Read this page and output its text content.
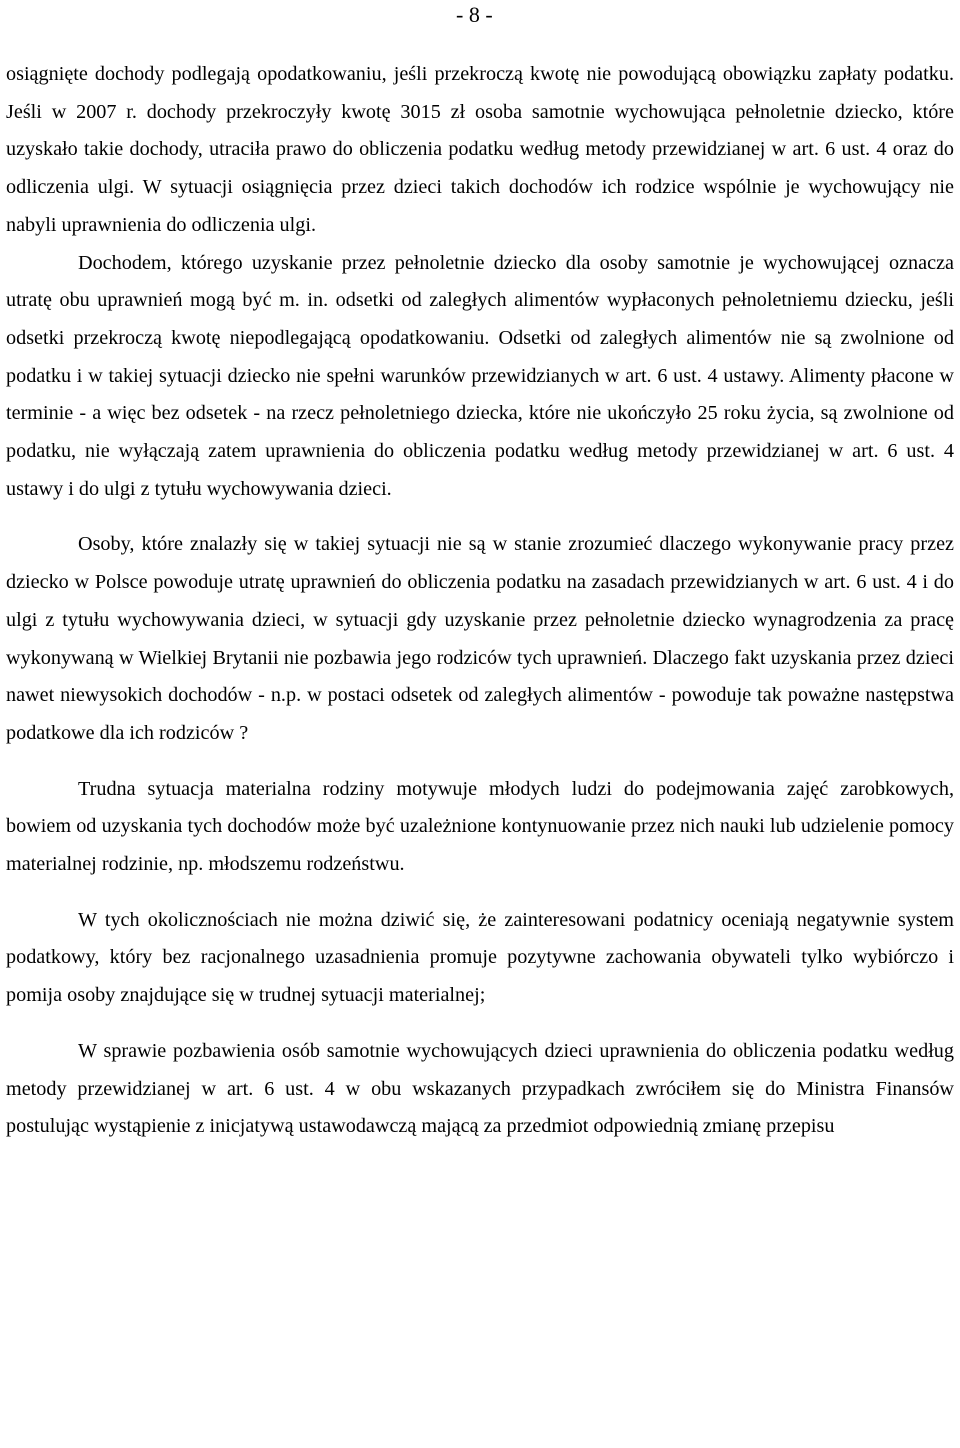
- 8 -

osiągnięte dochody podlegają opodatkowaniu, jeśli przekroczą kwotę nie powodującą obowiązku zapłaty podatku. Jeśli w 2007 r. dochody przekroczyły kwotę 3015 zł osoba samotnie wychowująca pełnoletnie dziecko, które uzyskało takie dochody, utraciła prawo do obliczenia podatku według metody przewidzianej w art. 6 ust. 4 oraz do odliczenia ulgi. W sytuacji osiągnięcia przez dzieci takich dochodów ich rodzice wspólnie je wychowujący nie nabyli uprawnienia do odliczenia ulgi.

Dochodem, którego uzyskanie przez pełnoletnie dziecko dla osoby samotnie je wychowującej oznacza utratę obu uprawnień mogą być m. in. odsetki od zaległych alimentów wypłaconych pełnoletniemu dziecku, jeśli odsetki przekroczą kwotę niepodlegającą opodatkowaniu. Odsetki od zaległych alimentów nie są zwolnione od podatku i w takiej sytuacji dziecko nie spełni warunków przewidzianych w art. 6 ust. 4 ustawy. Alimenty płacone w terminie - a więc bez odsetek - na rzecz pełnoletniego dziecka, które nie ukończyło 25 roku życia, są zwolnione od podatku, nie wyłączają zatem uprawnienia do obliczenia podatku według metody przewidzianej w art. 6 ust. 4 ustawy i do ulgi z tytułu wychowywania dzieci.

Osoby, które znalazły się w takiej sytuacji nie są w stanie zrozumieć dlaczego wykonywanie pracy przez dziecko w Polsce powoduje utratę uprawnień do obliczenia podatku na zasadach przewidzianych w art. 6 ust. 4 i do ulgi z tytułu wychowywania dzieci, w sytuacji gdy uzyskanie przez pełnoletnie dziecko wynagrodzenia za pracę wykonywaną w Wielkiej Brytanii nie pozbawia jego rodziców tych uprawnień. Dlaczego fakt uzyskania przez dzieci nawet niewysokich dochodów - n.p. w postaci odsetek od zaległych alimentów - powoduje tak poważne następstwa podatkowe dla ich rodziców ?

Trudna sytuacja materialna rodziny motywuje młodych ludzi do podejmowania zajęć zarobkowych, bowiem od uzyskania tych dochodów może być uzależnione kontynuowanie przez nich nauki lub udzielenie pomocy materialnej rodzinie, np. młodszemu rodzeństwu.

W tych okolicznościach nie można dziwić się, że zainteresowani podatnicy oceniają negatywnie system podatkowy, który bez racjonalnego uzasadnienia promuje pozytywne zachowania obywateli tylko wybiórczo i pomija osoby znajdujące się w trudnej sytuacji materialnej;

W sprawie pozbawienia osób samotnie wychowujących dzieci uprawnienia do obliczenia podatku według metody przewidzianej w art. 6 ust. 4 w obu wskazanych przypadkach zwróciłem się do Ministra Finansów postulując wystąpienie z inicjatywą ustawodawczą mającą za przedmiot odpowiednią zmianę przepisu
